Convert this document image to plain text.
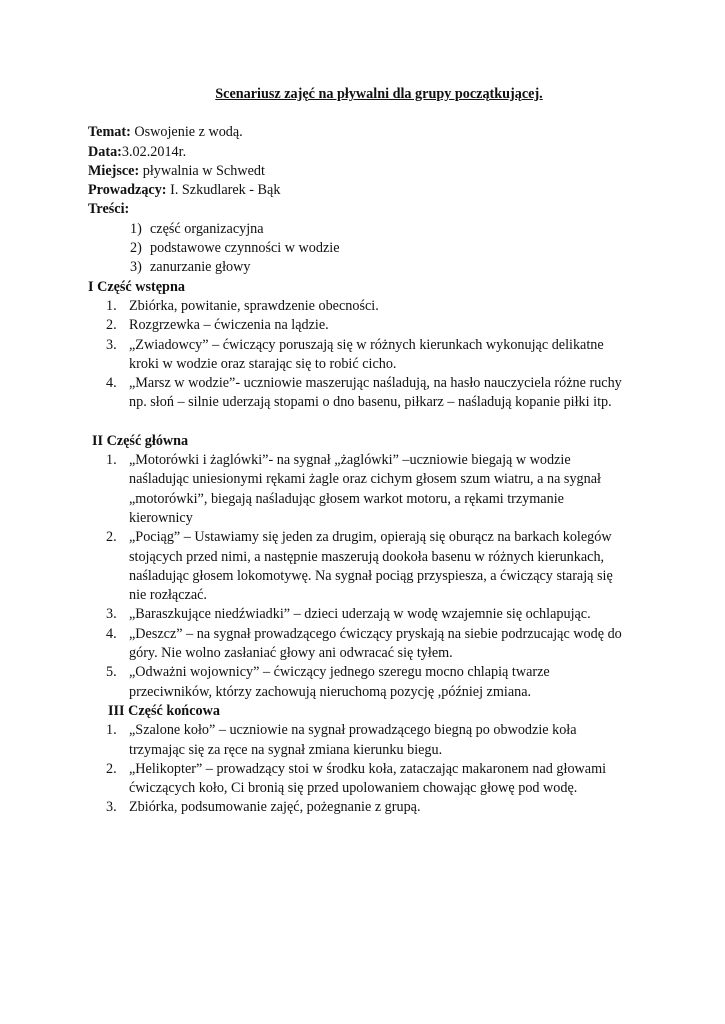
Scenariusz zajęć na pływalni dla grupy początkującej.

Temat: Oswojenie z wodą.

Data:3.02.2014r.

Miejsce: pływalnia w Schwedt

Prowadzący: I. Szkudlarek - Bąk

Treści:

1) część organizacyjna
2) podstawowe czynności w wodzie
3) zanurzanie głowy

I Część wstępna

1. Zbiórka, powitanie, sprawdzenie obecności.
2. Rozgrzewka – ćwiczenia na lądzie.
3. „Zwiadowcy” – ćwiczący poruszają się w różnych kierunkach wykonując delikatne
kroki w wodzie oraz starając się to robić cicho.
4. „Marsz w wodzie”- uczniowie maszerując naśladują, na hasło nauczyciela różne ruchy
np. słoń – silnie uderzają stopami o dno basenu, piłkarz – naśladują kopanie piłki itp.

II Część główna

1. „Motorówki i żaglówki”- na sygnał „żaglówki” –uczniowie biegają w wodzie
naśladując uniesionymi rękami żagle oraz cichym głosem szum wiatru, a na sygnał
„motorówki”, biegają naśladując głosem warkot motoru, a rękami trzymanie
kierownicy
2. „Pociąg” – Ustawiamy się jeden za drugim, opierają się oburącz na barkach kolegów
stojących przed nimi, a następnie maszerują dookoła basenu w różnych kierunkach,
naśladując głosem lokomotywę. Na sygnał pociąg przyspiesza, a ćwiczący starają się
nie rozłączać.
3. „Baraszkujące niedźwiadki” – dzieci uderzają w wodę wzajemnie się ochlapując.
4. „Deszcz” – na sygnał prowadzącego ćwiczący pryskają na siebie podrzucając wodę do
góry. Nie wolno zasłaniać głowy ani odwracać się tyłem.
5. „Odważni wojownicy” – ćwiczący jednego szeregu mocno chlapią twarze
przeciwników, którzy zachowują nieruchomą pozycję ,później zmiana.

III Część końcowa

1. „Szalone koło” – uczniowie na sygnał prowadzącego biegną po obwodzie koła
trzymając się za ręce na sygnał zmiana kierunku biegu.
2. „Helikopter” – prowadzący stoi w środku koła, zataczając makaronem nad głowami
ćwiczących koło, Ci bronią się przed upolowaniem chowając głowę pod wodę.
3. Zbiórka, podsumowanie zajęć, pożegnanie z grupą.
